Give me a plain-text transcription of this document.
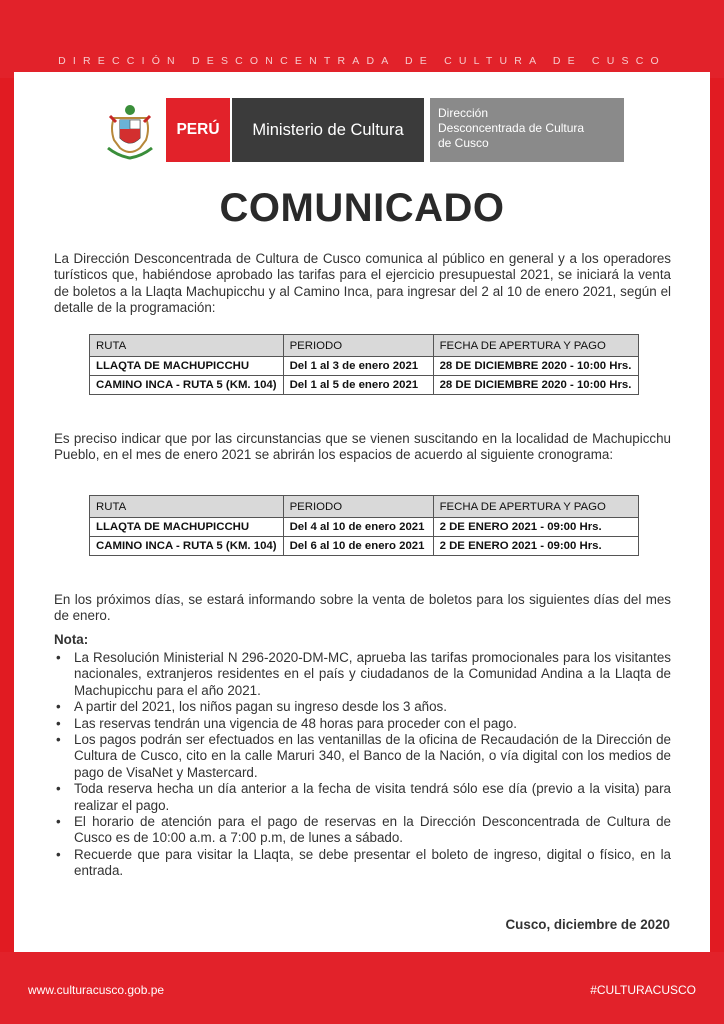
DIRECCIÓN DESCONCENTRADA DE CULTURA DE CUSCO
PERÚ	Ministerio de Cultura
Dirección
Desconcentrada de Cultura
de Cusco
COMUNICADO
La Dirección Desconcentrada de Cultura de Cusco comunica al público en general y a los operadores turísticos que, habiéndose aprobado las tarifas para el ejercicio presupuestal 2021, se iniciará la venta de boletos a la Llaqta Machupicchu y al Camino Inca, para ingresar del 2 al 10 de enero 2021, según el detalle de la programación:
RUTA	PERIODO	FECHA DE APERTURA Y PAGO
LLAQTA DE MACHUPICCHU	Del 1 al 3 de enero 2021	28 DE DICIEMBRE 2020 - 10:00 Hrs.
CAMINO INCA - RUTA 5 (KM. 104)	Del 1 al 5 de enero 2021	28 DE DICIEMBRE 2020 - 10:00 Hrs.
Es preciso indicar que por las circunstancias que se vienen suscitando en la localidad de Machupicchu Pueblo, en el mes de enero 2021 se abrirán los espacios de acuerdo al siguiente cronograma:
RUTA	PERIODO	FECHA DE APERTURA Y PAGO
LLAQTA DE MACHUPICCHU	Del 4 al 10 de enero 2021	2 DE ENERO 2021 - 09:00 Hrs.
CAMINO INCA - RUTA 5 (KM. 104)	Del 6 al 10 de enero 2021	2 DE ENERO 2021 - 09:00 Hrs.
En los próximos días, se estará informando sobre la venta de boletos para los siguientes días del mes de enero.
Nota:
• La Resolución Ministerial N 296-2020-DM-MC, aprueba las tarifas promocionales para los visitantes nacionales, extranjeros residentes en el país y ciudadanos de la Comunidad Andina a la Llaqta de Machupicchu para el año 2021.
• A partir del 2021, los niños pagan su ingreso desde los 3 años.
• Las reservas tendrán una vigencia de 48 horas para proceder con el pago.
• Los pagos podrán ser efectuados en las ventanillas de la oficina de Recaudación de la Dirección de Cultura de Cusco, cito en la calle Maruri 340, el Banco de la Nación, o vía digital con los medios de pago de VisaNet y Mastercard.
• Toda reserva hecha un día anterior a la fecha de visita tendrá sólo ese día (previo a la visita) para realizar el pago.
• El horario de atención para el pago de reservas en la Dirección Desconcentrada de Cultura de Cusco es de 10:00 a.m. a 7:00 p.m, de lunes a sábado.
• Recuerde que para visitar la Llaqta, se debe presentar el boleto de ingreso, digital o físico, en la entrada.
Cusco, diciembre de 2020
www.culturacusco.gob.pe	#CULTURACUSCO
